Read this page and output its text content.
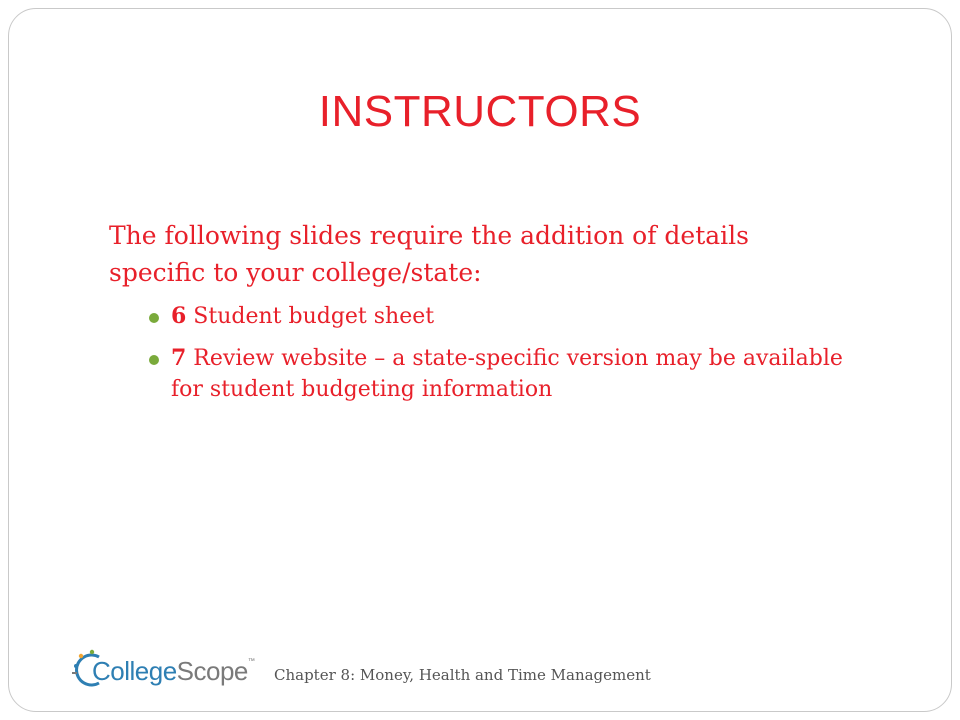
INSTRUCTORS

The following slides require the addition of details specific to your college/state:

6 Student budget sheet
7 Review website – a state-specific version may be available for student budgeting information
CollegeScope™
Chapter 8: Money, Health and Time Management
